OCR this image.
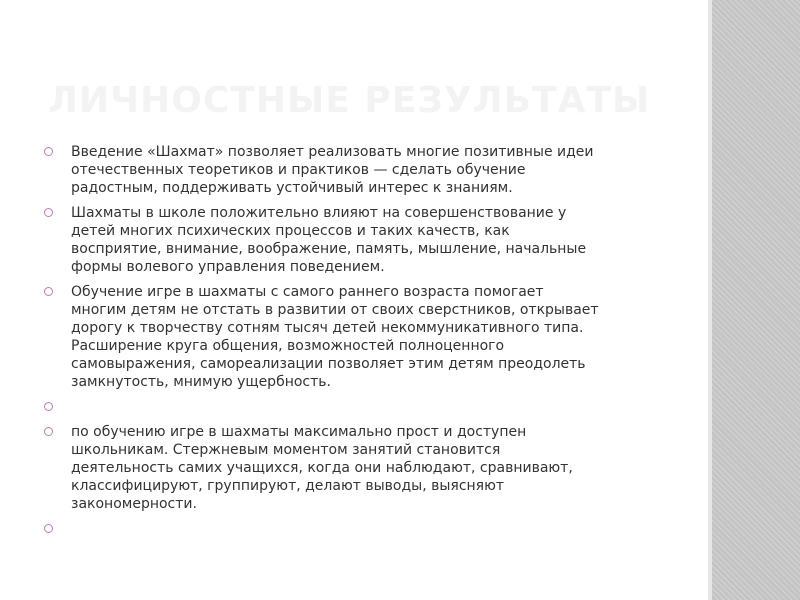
ЛИЧНОСТНЫЕ РЕЗУЛЬТАТЫ
Введение «Шахмат» позволяет реализовать многие позитивные идеи
отечественных теоретиков и практиков — сделать обучение
радостным, поддерживать устойчивый интерес к знаниям.
Шахматы в школе положительно влияют на совершенствование у
детей многих психических процессов и таких качеств, как
восприятие, внимание, воображение, память, мышление, начальные
формы волевого управления поведением.
Обучение игре в шахматы с самого раннего возраста помогает
многим детям не отстать в развитии от своих сверстников, открывает
дорогу к творчеству сотням тысяч детей некоммуникативного типа.
Расширение круга общения, возможностей полноценного
самовыражения, самореализации позволяет этим детям преодолеть
замкнутость, мнимую ущербность.
по обучению игре в шахматы максимально прост и доступен
школьникам. Стержневым моментом занятий становится
деятельность самих учащихся, когда они наблюдают, сравнивают,
классифицируют, группируют, делают выводы, выясняют
закономерности.
